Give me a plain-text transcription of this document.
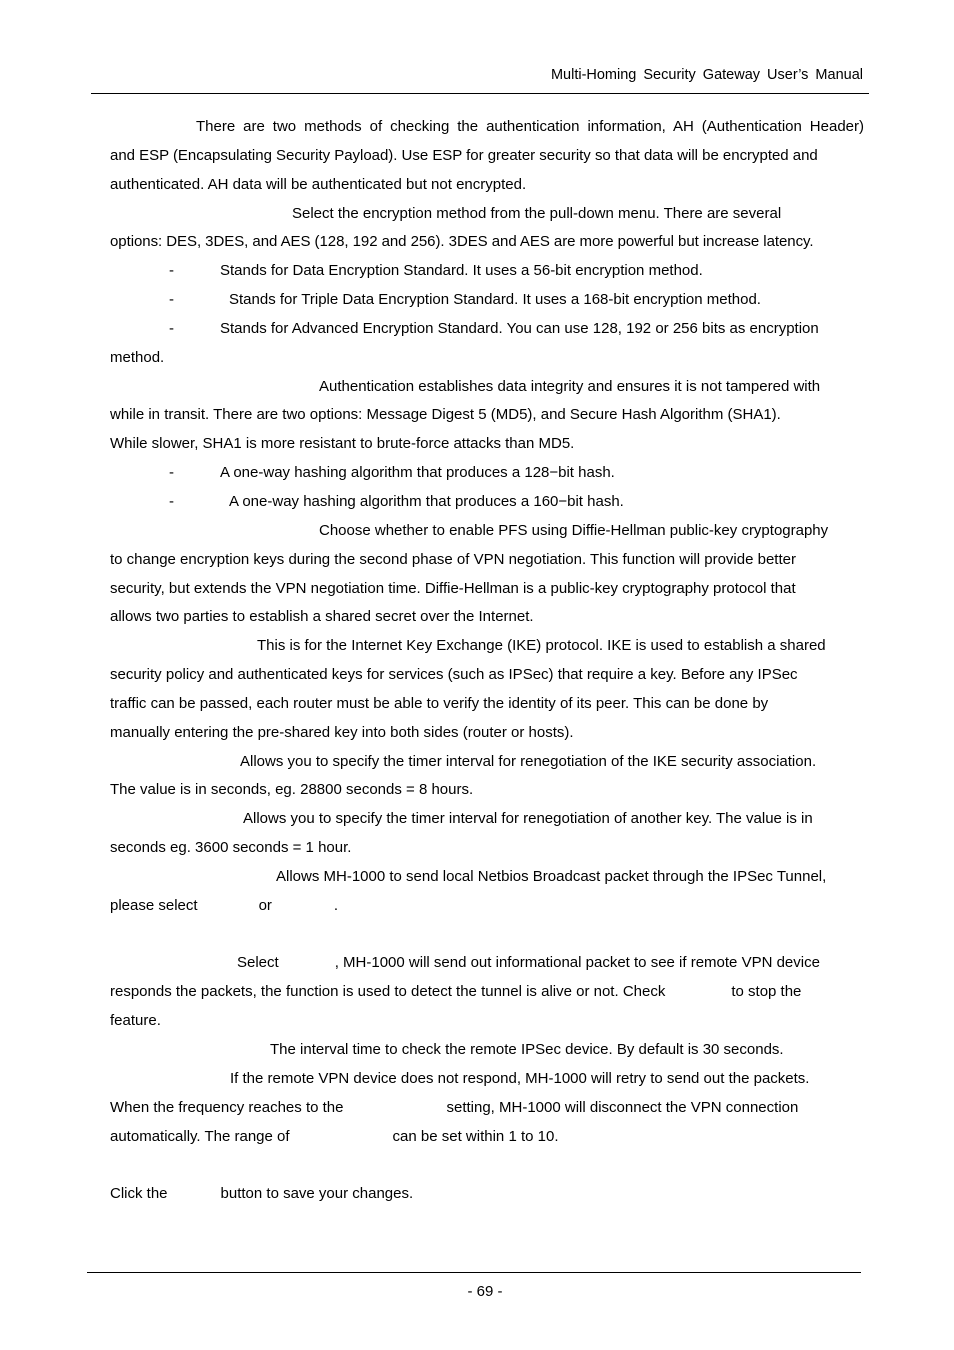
Multi-Homing Security Gateway User’s Manual
There are two methods of checking the authentication information, AH (Authentication Header)
and ESP (Encapsulating Security Payload). Use ESP for greater security so that data will be encrypted and
authenticated. AH data will be authenticated but not encrypted.
Select the encryption method from the pull-down menu. There are several
options: DES, 3DES, and AES (128, 192 and 256). 3DES and AES are more powerful but increase latency.
-	Stands for Data Encryption Standard. It uses a 56-bit encryption method.
-	Stands for Triple Data Encryption Standard. It uses a 168-bit encryption method.
-	Stands for Advanced Encryption Standard. You can use 128, 192 or 256 bits as encryption
method.
Authentication establishes data integrity and ensures it is not tampered with
while in transit. There are two options: Message Digest 5 (MD5), and Secure Hash Algorithm (SHA1).
While slower, SHA1 is more resistant to brute-force attacks than MD5.
-	A one-way hashing algorithm that produces a 128−bit hash.
-	A one-way hashing algorithm that produces a 160−bit hash.
Choose whether to enable PFS using Diffie-Hellman public-key cryptography
to change encryption keys during the second phase of VPN negotiation. This function will provide better
security, but extends the VPN negotiation time. Diffie-Hellman is a public-key cryptography protocol that
allows two parties to establish a shared secret over the Internet.
This is for the Internet Key Exchange (IKE) protocol. IKE is used to establish a shared
security policy and authenticated keys for services (such as IPSec) that require a key. Before any IPSec
traffic can be passed, each router must be able to verify the identity of its peer. This can be done by
manually entering the pre-shared key into both sides (router or hosts).
Allows you to specify the timer interval for renegotiation of the IKE security association.
The value is in seconds, eg. 28800 seconds = 8 hours.
Allows you to specify the timer interval for renegotiation of another key. The value is in
seconds eg. 3600 seconds = 1 hour.
Allows MH-1000 to send local Netbios Broadcast packet through the IPSec Tunnel,
please select	or	.
Select	, MH-1000 will send out informational packet to see if remote VPN device
responds the packets, the function is used to detect the tunnel is alive or not. Check	to stop the
feature.
The interval time to check the remote IPSec device. By default is 30 seconds.
If the remote VPN device does not respond, MH-1000 will retry to send out the packets.
When the frequency reaches to the	setting, MH-1000 will disconnect the VPN connection
automatically. The range of	can be set within 1 to 10.
Click the	button to save your changes.
- 69 -
